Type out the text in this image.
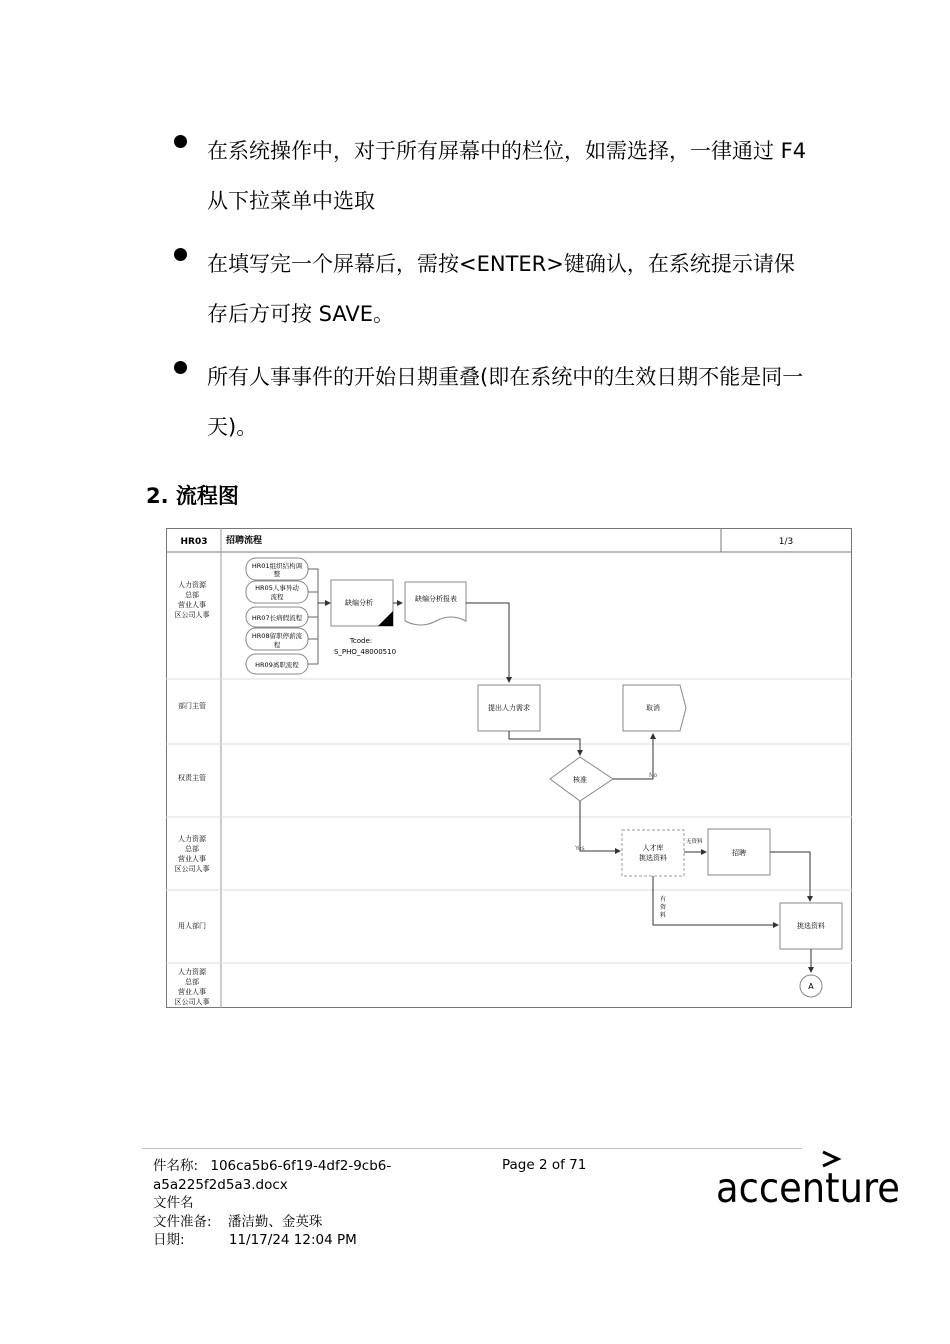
在系统操作中，对于所有屏幕中的栏位，如需选择，一律通过 F4 从下拉菜单中选取
在填写完一个屏幕后，需按<ENTER>键确认，在系统提示请保存后方可按 SAVE。
所有人事事件的开始日期重叠(即在系统中的生效日期不能是同一天)。
2. 流程图
HR03 招聘流程	1/3
人力资源
总部
营业人事
区公司人事
部门主管
权责主管
人力资源
总部
营业人事
区公司人事
用人部门
人力资源
总部
营业人事
区公司人事
HR01组织结构调
整
HR05人事异动
流程
HR07长病假流程
HR08留职停薪流
程
HR09离职流程
缺编分析
Tcode:
S_PHO_48000510
缺编分析报表
提出人力需求
核准
No
取消
Yes	人才库
挑选资料
无资料
招聘
有
资
料
挑选资料
A
件名称: 106ca5b6-6f19-4df2-9cb6-a5a225f2d5a3.docx
文件名
文件准备: 潘洁勤、金英珠
日期:	11/17/24 12:04 PM
Page 2 of 71	accenture
